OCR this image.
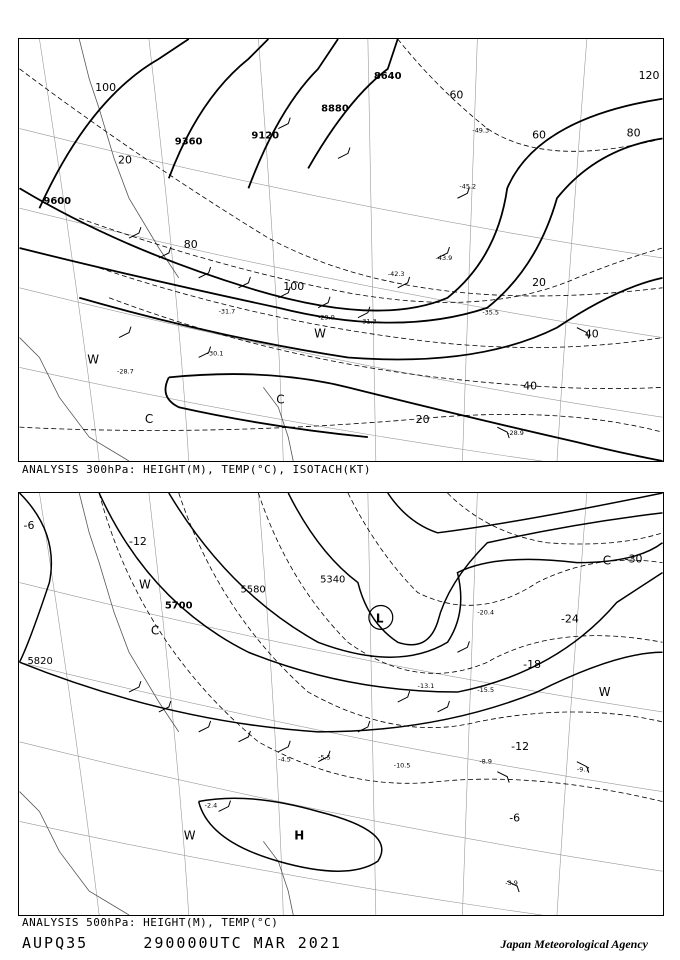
9600
9360
9120
8880
8640
20
20
20
40
40
60
60
80
80
100
100
120
W
W
C
C
-42.3
-43.9
-45.2
-49.3
-35.5
-31.3
-30.1
-28.9
-28.7
-31.7
-29.9
ANALYSIS 300hPa: HEIGHT(M), TEMP(°C), ISOTACH(KT)
5820
5700
5580
5340
L
H
-6
-12
-12
-18
-24
-30
-6
W
W
C
C
W
-13.1	-15.5
-20.4
-10.5	-8.9
-9.7
-3.9
-2.4
-5.5
-4.5
ANALYSIS 500hPa: HEIGHT(M), TEMP(°C)
AUPQ35	290000UTC MAR 2021	Japan Meteorological Agency
